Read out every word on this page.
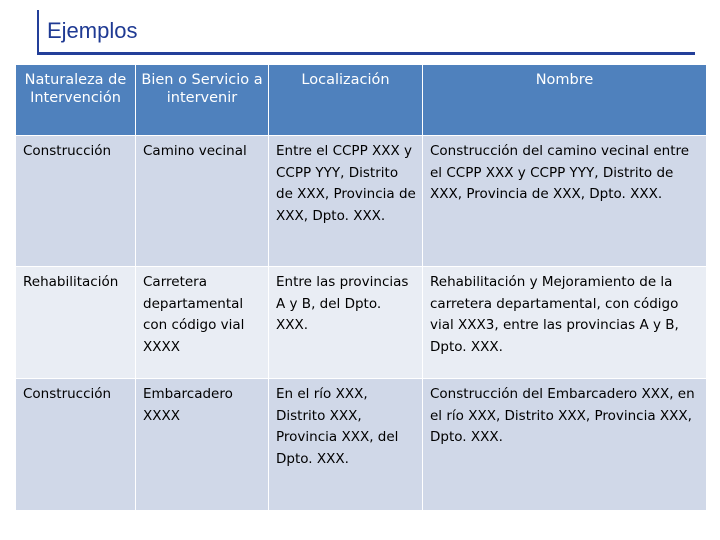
Ejemplos
Naturaleza de Intervención	Bien o Servicio a intervenir	Localización	Nombre
Construcción	Camino vecinal	Entre el CCPP XXX y CCPP YYY, Distrito de XXX, Provincia de XXX, Dpto. XXX.	Construcción del camino vecinal entre el CCPP XXX y CCPP YYY, Distrito de XXX, Provincia de XXX, Dpto. XXX.
Rehabilitación	Carretera departamental con código vial XXXX	Entre las provincias A y B, del Dpto. XXX.	Rehabilitación y Mejoramiento de la carretera departamental, con código vial XXX3, entre las provincias A y B, Dpto. XXX.
Construcción	Embarcadero XXXX	En el río XXX, Distrito XXX, Provincia XXX, del Dpto. XXX.	Construcción del Embarcadero XXX, en el río XXX, Distrito XXX, Provincia XXX, Dpto. XXX.
